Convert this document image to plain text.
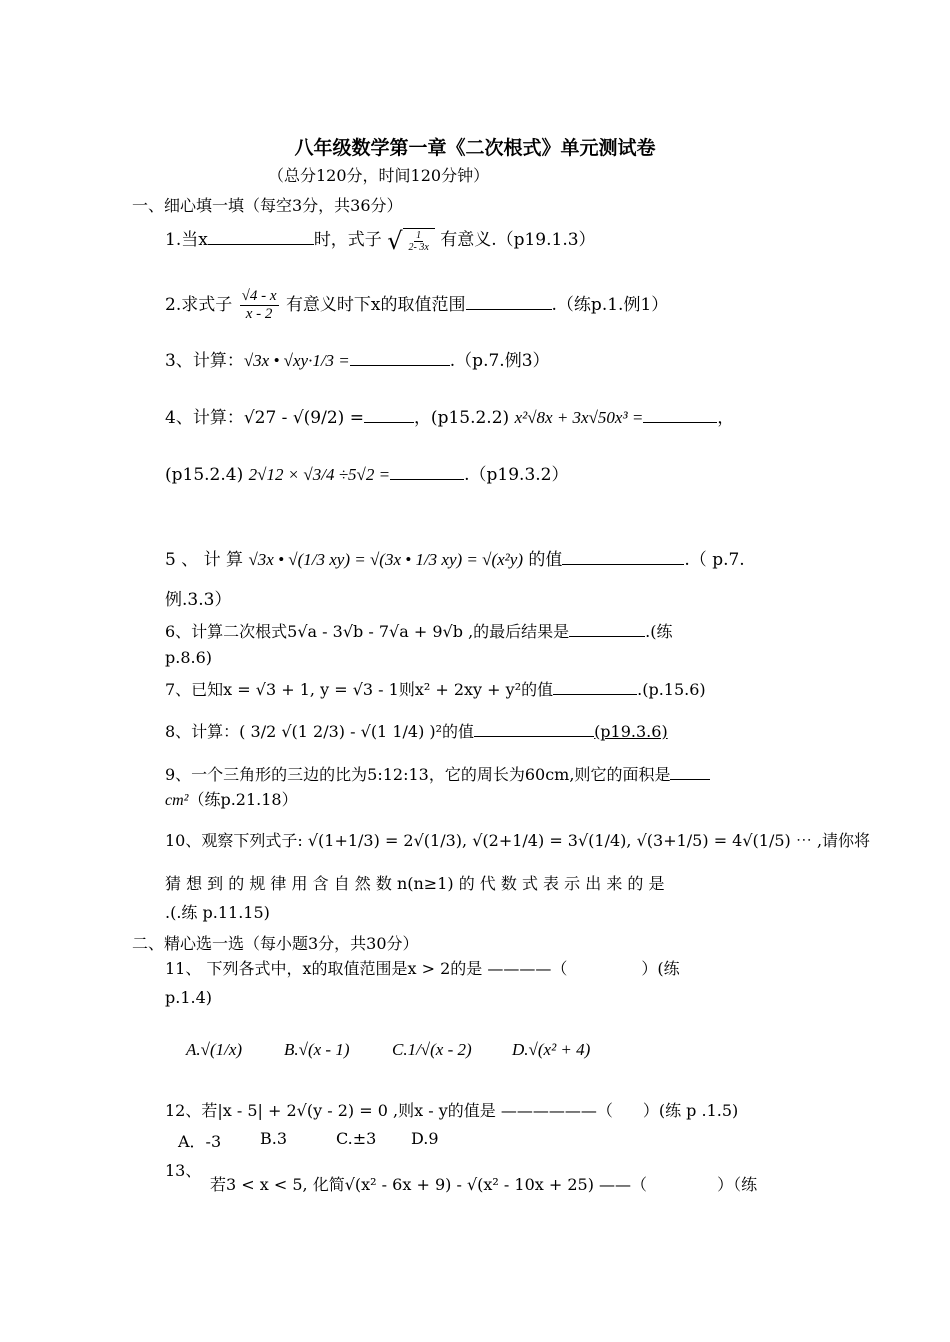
八年级数学第一章《二次根式》单元测试卷
（总分120分，时间120分钟）
一、细心填一填（每空3分，共36分）
1.当x	时，式子 √ $\frac{1}{2- 3x}$ 有意义.（p19.1.3）
2.求式子 $\frac{√4 - x}{x - 2}$ 有意义时下x的取值范围	.（练p.1.例1）
3、计算：√3x • √xy·1/3 =	.（p.7.例3）
4、计算：√27 - √(9/2) =	，(p15.2.2) x²√8x + 3x√50x³ =	，
(p15.2.4) 2√12 × √3/4 ÷5√2 =	.（p19.3.2）
5 、 计 算 √3x • √(1/3 xy) = √(3x • 1/3 xy) = √(x²y) 的值	.（ p.7.
例.3.3）
6、计算二次根式5√a - 3√b - 7√a + 9√b ,的最后结果是	.(练
p.8.6)
7、已知x = √3 + 1, y = √3 - 1则x² + 2xy + y²的值	.(p.15.6)
8、计算：( 3/2 √(1 2/3) - √(1 1/4) )²的值	(p19.3.6)
9、一个三角形的三边的比为5:12:13，它的周长为60cm,则它的面积是
cm²（练p.21.18）
10、观察下列式子: √(1+1/3) = 2√(1/3), √(2+1/4) = 3√(1/4), √(3+1/5) = 4√(1/5) ⋯ ,请你将
猜 想 到 的 规 律 用 含 自 然 数 n(n≥1) 的 代 数 式 表 示 出 来 的 是
.(.练 p.11.15)
二、精心选一选（每小题3分，共30分）
11、 下列各式中，x的取值范围是x > 2的是 ————（	）(练
p.1.4)
A.√(1/x) B.√(x - 1)	C.1/√(x - 2) D.√(x² + 4)
12、若|x - 5| + 2√(y - 2) = 0 ,则x - y的值是 ——————（ ）(练 p .1.5)
A．-3 B.3	C.±3 D.9
13、
若3 < x < 5, 化简√(x² - 6x + 9) - √(x² - 10x + 25) ——（	）（练
